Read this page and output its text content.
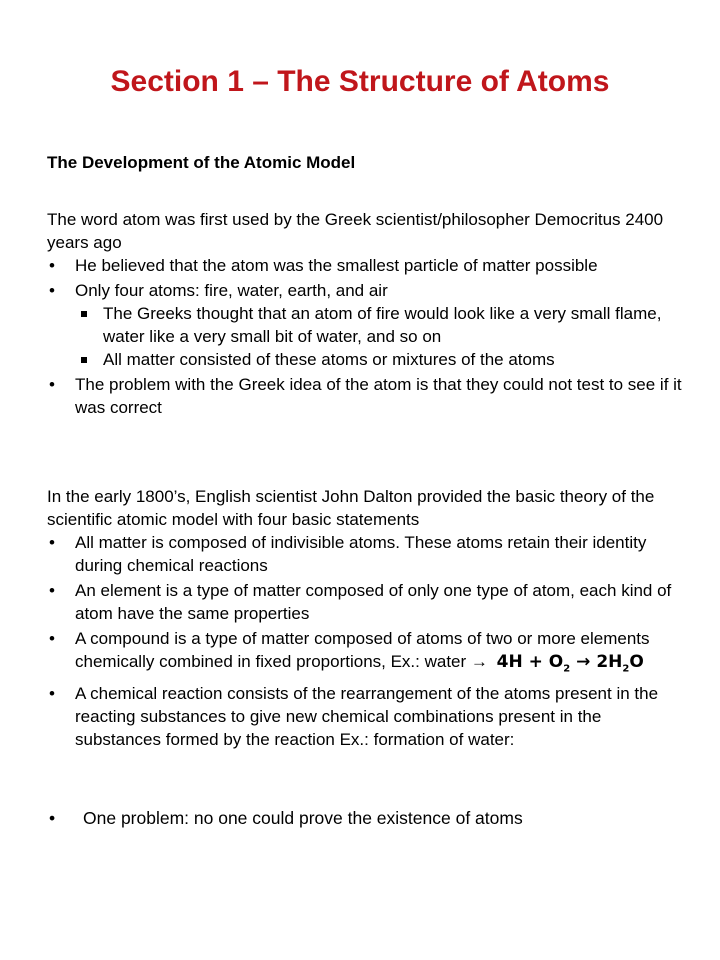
Section 1 – The Structure of Atoms

The Development of the Atomic Model

The word atom was first used by the Greek scientist/philosopher Democritus 2400 years ago

• He believed that the atom was the smallest particle of matter possible
• Only four atoms: fire, water, earth, and air
The Greeks thought that an atom of fire would look like a very small flame, water like a very small bit of water, and so on
All matter consisted of these atoms or mixtures of the atoms
• The problem with the Greek idea of the atom is that they could not test to see if it was correct

In the early 1800’s, English scientist John Dalton provided the basic theory of the scientific atomic model with four basic statements

• All matter is composed of indivisible atoms. These atoms retain their identity during chemical reactions
• An element is a type of matter composed of only one type of atom, each kind of atom have the same properties
• A compound is a type of matter composed of atoms of two or more elements chemically combined in fixed proportions, Ex.: water → $4H + O_2 \to 2H_2O$
• A chemical reaction consists of the rearrangement of the atoms present in the reacting substances to give new chemical combinations present in the substances formed by the reaction Ex.: formation of water:
• One problem: no one could prove the existence of atoms
